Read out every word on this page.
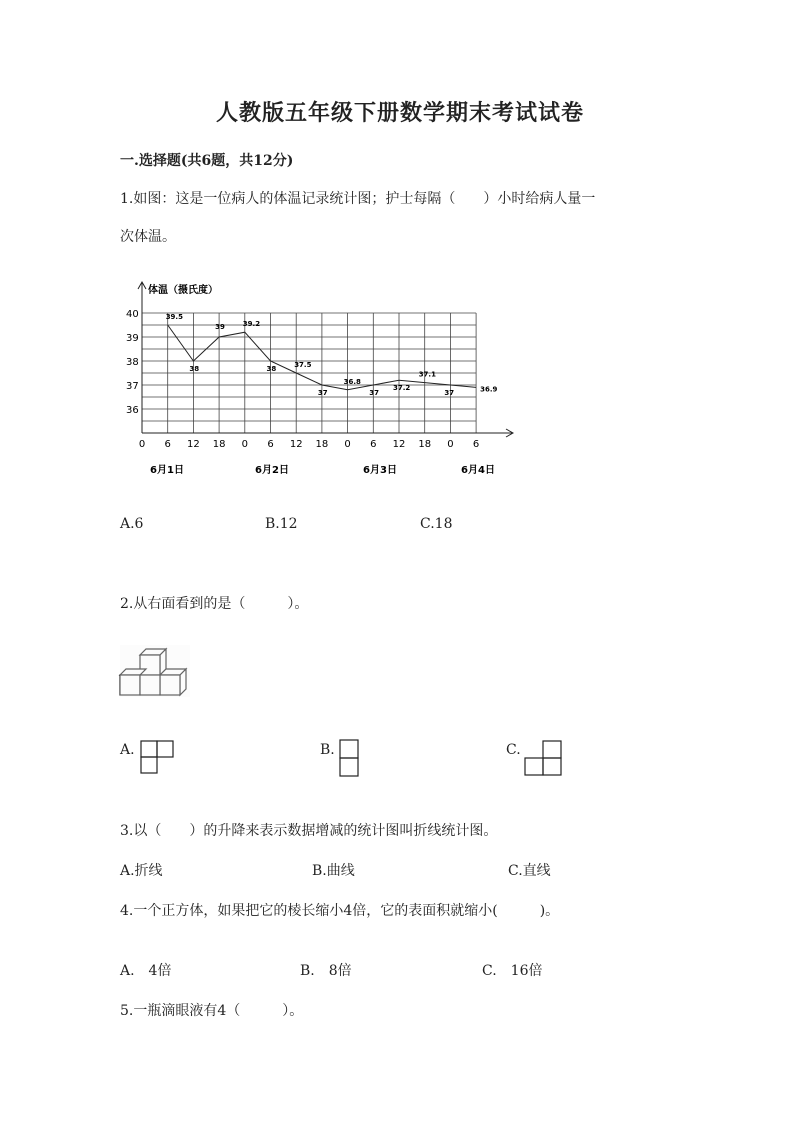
人教版五年级下册数学期末考试试卷
一.选择题(共6题，共12分)
1.如图：这是一位病人的体温记录统计图；护士每隔（　　）小时给病人量一
次体温。
36
37
38
39
40
0 6 12 18 0 6 12 18 0 6 12 18 0 6
6月1日	6月2日	6月3日	6月4日
39.5
38
39	39.2
38	37.5
37
36.8
37
37.2
37.1
37	36.9
体温（摄氏度）
A.6	B.12	C.18
2.从右面看到的是（　　　）。
A.	B.	C.
3.以（　　）的升降来表示数据增减的统计图叫折线统计图。
A.折线	B.曲线	C.直线
4.一个正方体，如果把它的棱长缩小4倍，它的表面积就缩小(　　　)。
A.　4倍	B.　8倍	C.　16倍
5.一瓶滴眼液有4（　　　）。
